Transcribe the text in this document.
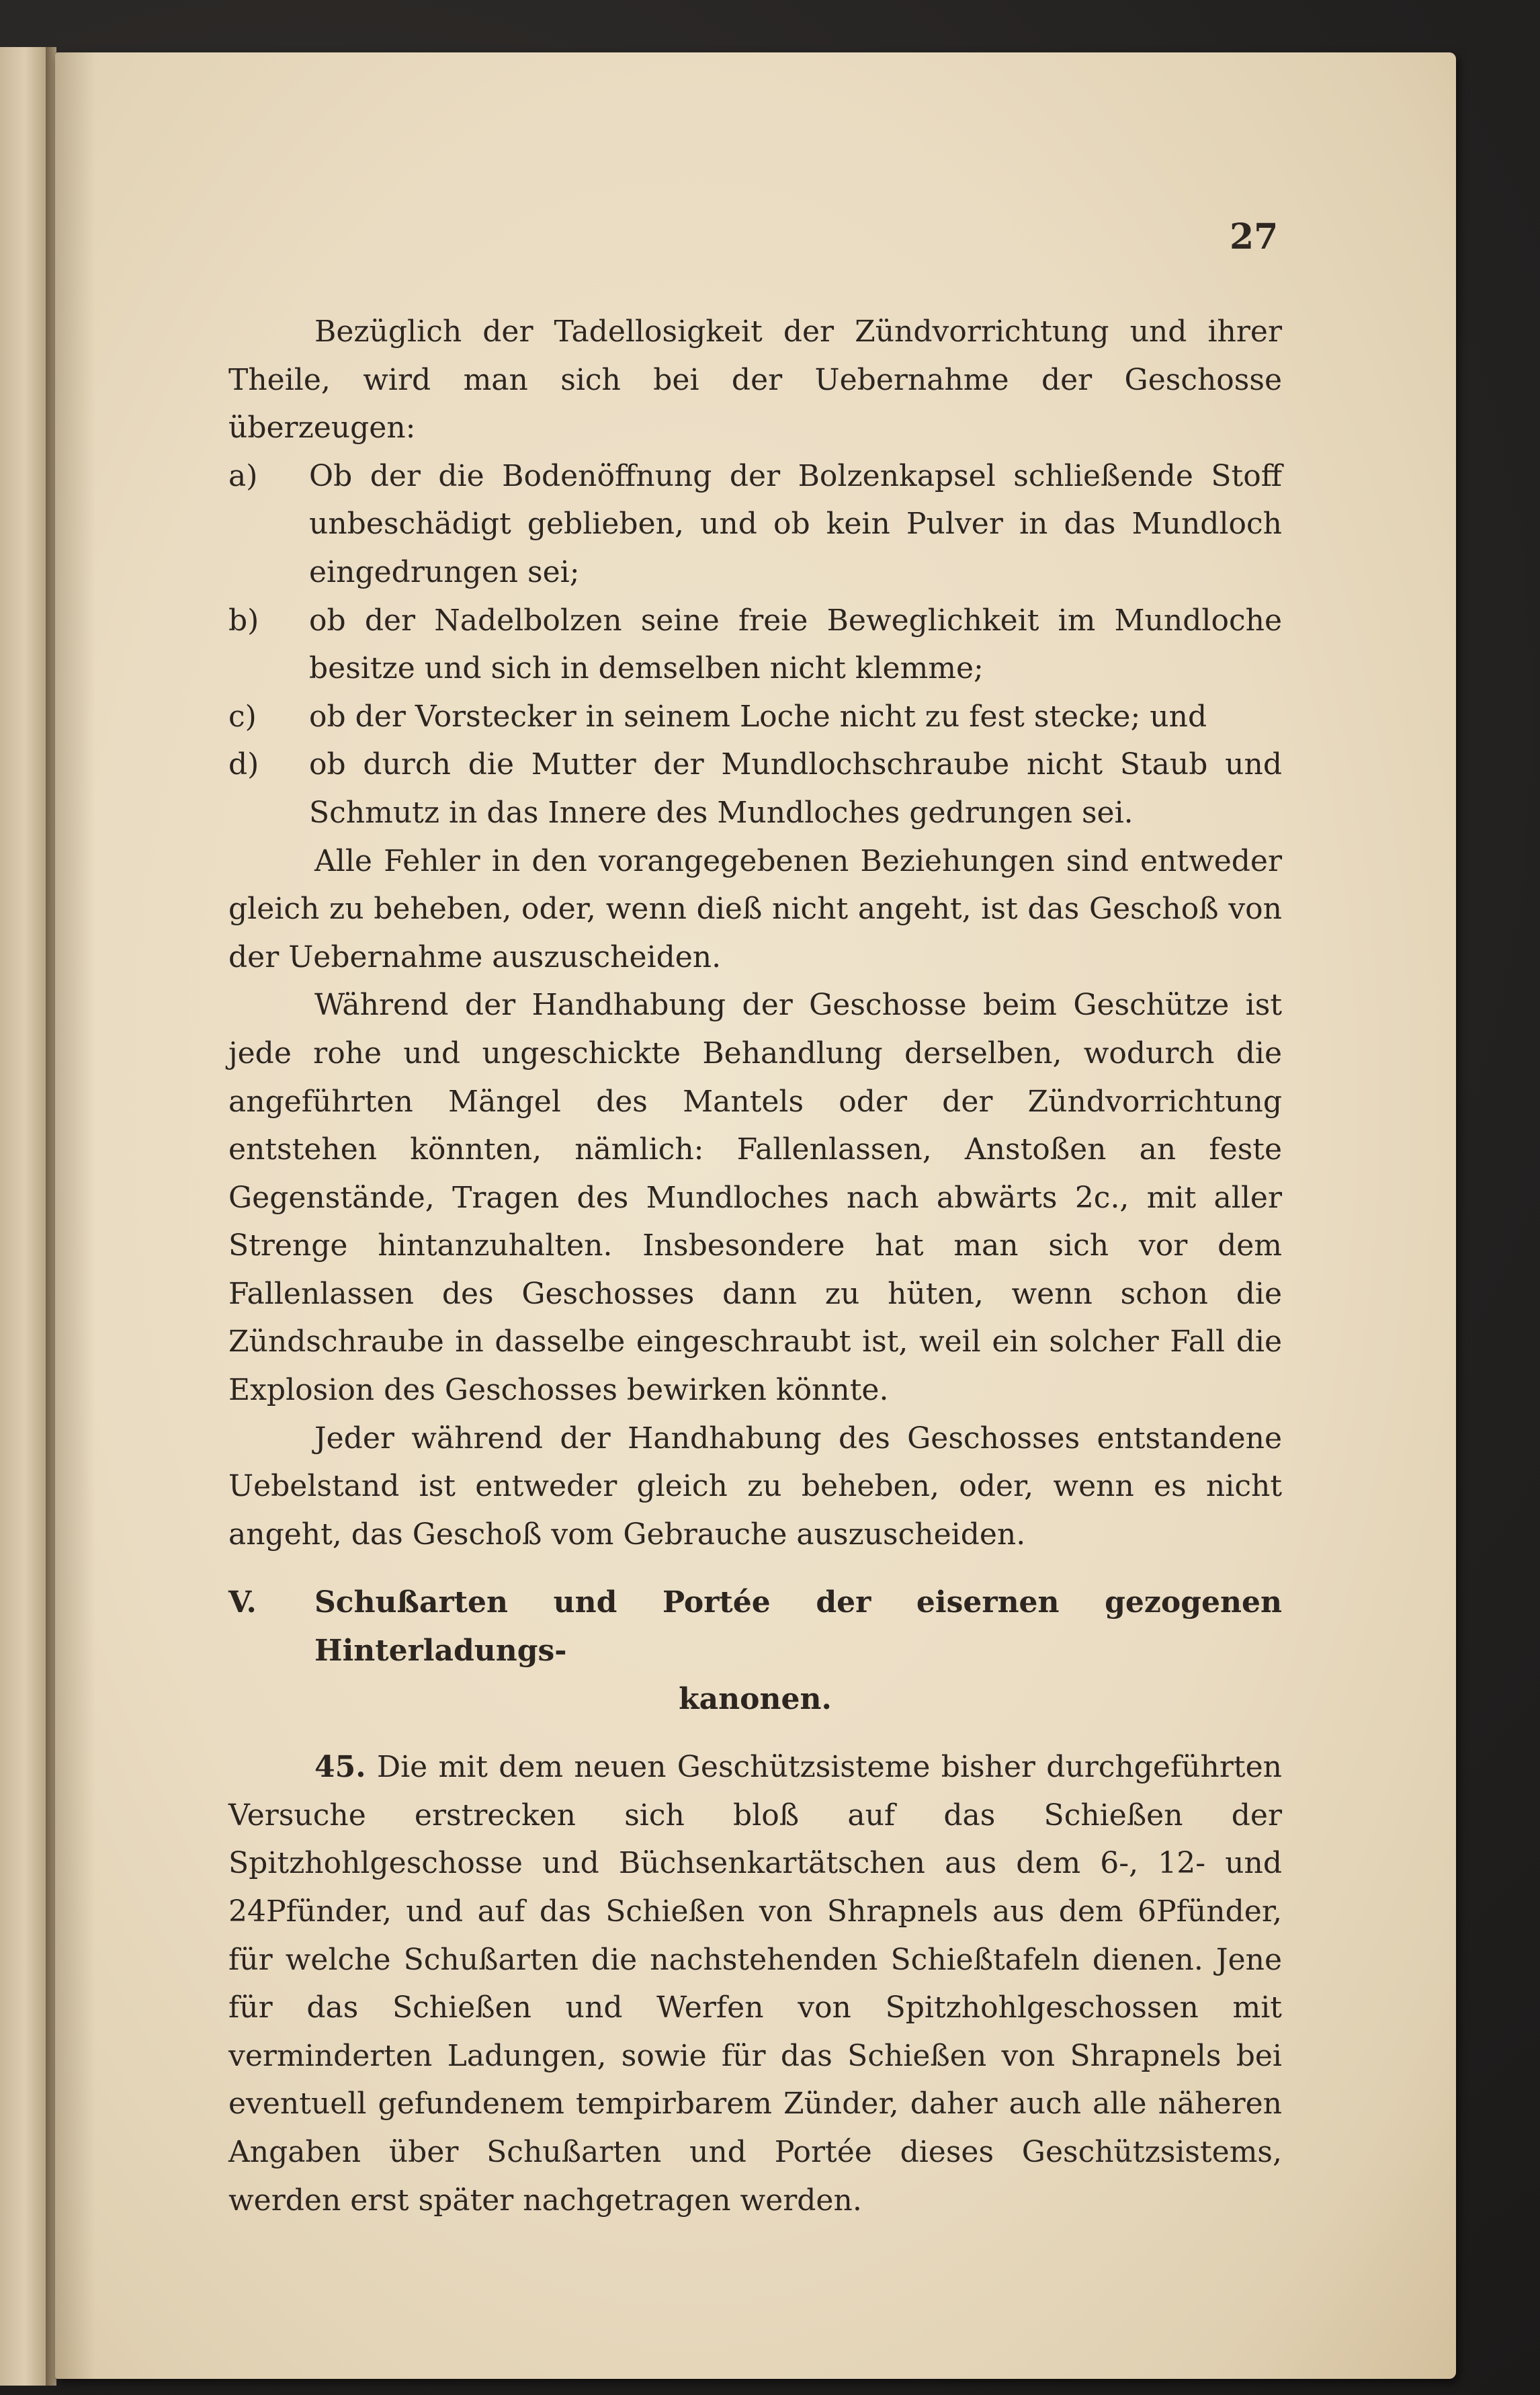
27

Bezüglich der Tadellosigkeit der Zündvorrichtung und ihrer Theile, wird man sich bei der Uebernahme der Geschosse überzeugen:

a) Ob der die Bodenöffnung der Bolzenkapsel schließende Stoff unbeschädigt geblieben, und ob kein Pulver in das Mundloch eingedrungen sei;
b) ob der Nadelbolzen seine freie Beweglichkeit im Mundloche besitze und sich in demselben nicht klemme;
c) ob der Vorstecker in seinem Loche nicht zu fest stecke; und
d) ob durch die Mutter der Mundlochschraube nicht Staub und Schmutz in das Innere des Mundloches gedrungen sei.

Alle Fehler in den vorangegebenen Beziehungen sind entweder gleich zu beheben, oder, wenn dieß nicht angeht, ist das Geschoß von der Uebernahme auszuscheiden.

Während der Handhabung der Geschosse beim Geschütze ist jede rohe und ungeschickte Behandlung derselben, wodurch die angeführten Mängel des Mantels oder der Zündvorrichtung entstehen könnten, nämlich: Fallenlassen, Anstoßen an feste Gegenstände, Tragen des Mundloches nach abwärts 2c., mit aller Strenge hintanzuhalten. Insbesondere hat man sich vor dem Fallenlassen des Geschosses dann zu hüten, wenn schon die Zündschraube in dasselbe eingeschraubt ist, weil ein solcher Fall die Explosion des Geschosses bewirken könnte.

Jeder während der Handhabung des Geschosses entstandene Uebelstand ist entweder gleich zu beheben, oder, wenn es nicht angeht, das Geschoß vom Gebrauche auszuscheiden.

V. Schußarten und Portée der eisernen gezogenen Hinterladungs-
kanonen.

45. Die mit dem neuen Geschützsisteme bisher durchgeführten Versuche erstrecken sich bloß auf das Schießen der Spitzhohlgeschosse und Büchsenkartätschen aus dem 6-, 12- und 24Pfünder, und auf das Schießen von Shrapnels aus dem 6Pfünder, für welche Schußarten die nachstehenden Schießtafeln dienen. Jene für das Schießen und Werfen von Spitzhohlgeschossen mit verminderten Ladungen, sowie für das Schießen von Shrapnels bei eventuell gefundenem tempirbarem Zünder, daher auch alle näheren Angaben über Schußarten und Portée dieses Geschützsistems, werden erst später nachgetragen werden.
